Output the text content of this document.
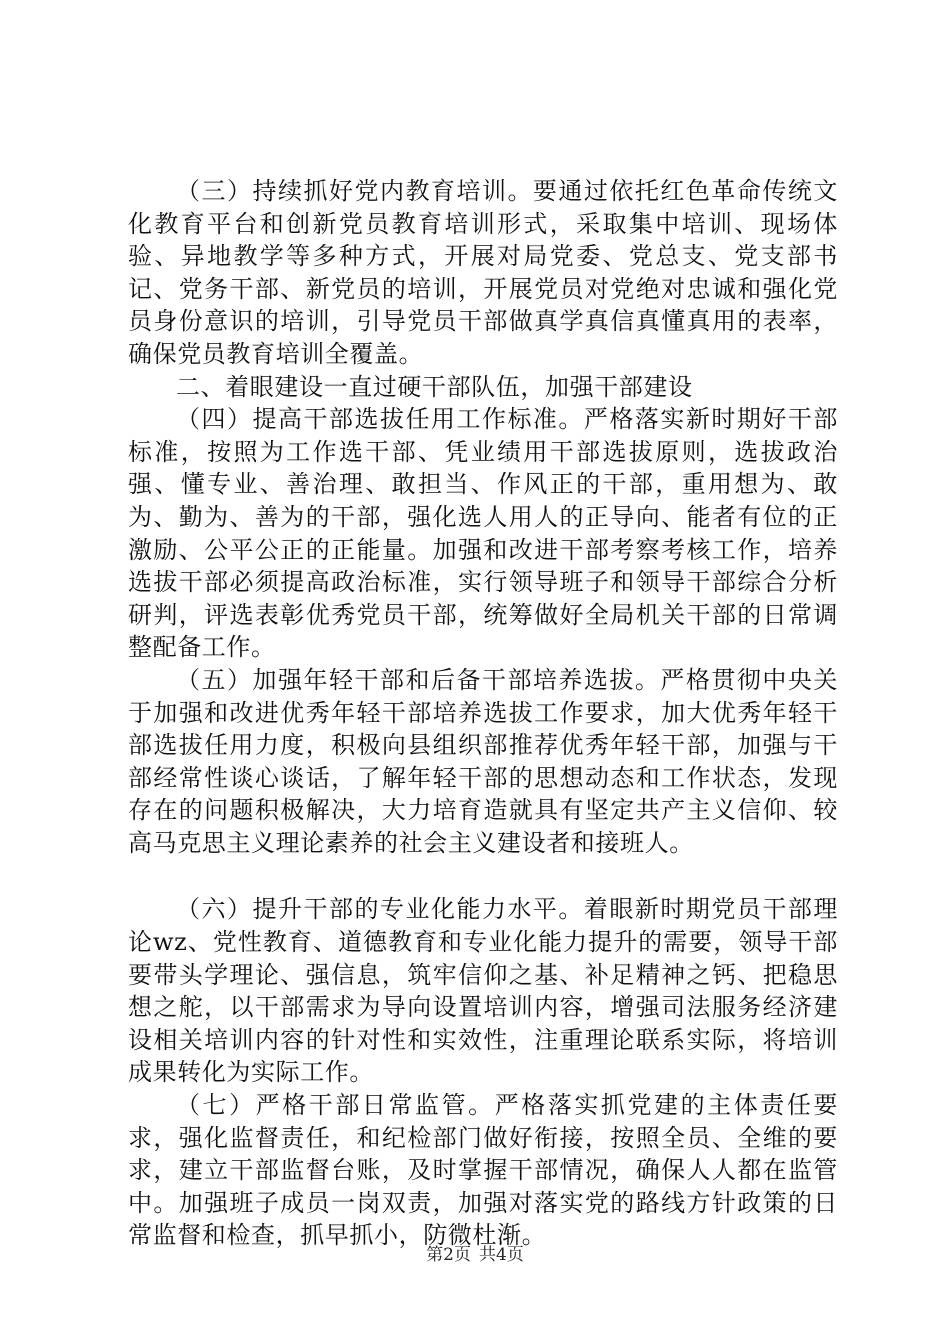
（三）持续抓好党内教育培训。要通过依托红色革命传统文化教育平台和创新党员教育培训形式，采取集中培训、现场体验、异地教学等多种方式，开展对局党委、党总支、党支部书记、党务干部、新党员的培训，开展党员对党绝对忠诚和强化党员身份意识的培训，引导党员干部做真学真信真懂真用的表率，确保党员教育培训全覆盖。

二、着眼建设一直过硬干部队伍，加强干部建设

（四）提高干部选拔任用工作标准。严格落实新时期好干部标准，按照为工作选干部、凭业绩用干部选拔原则，选拔政治强、懂专业、善治理、敢担当、作风正的干部，重用想为、敢为、勤为、善为的干部，强化选人用人的正导向、能者有位的正激励、公平公正的正能量。加强和改进干部考察考核工作，培养选拔干部必须提高政治标准，实行领导班子和领导干部综合分析研判，评选表彰优秀党员干部，统筹做好全局机关干部的日常调整配备工作。

（五）加强年轻干部和后备干部培养选拔。严格贯彻中央关于加强和改进优秀年轻干部培养选拔工作要求，加大优秀年轻干部选拔任用力度，积极向县组织部推荐优秀年轻干部，加强与干部经常性谈心谈话，了解年轻干部的思想动态和工作状态，发现存在的问题积极解决，大力培育造就具有坚定共产主义信仰、较高马克思主义理论素养的社会主义建设者和接班人。

（六）提升干部的专业化能力水平。着眼新时期党员干部理论wz、党性教育、道德教育和专业化能力提升的需要，领导干部要带头学理论、强信息，筑牢信仰之基、补足精神之钙、把稳思想之舵，以干部需求为导向设置培训内容，增强司法服务经济建设相关培训内容的针对性和实效性，注重理论联系实际，将培训成果转化为实际工作。

（七）严格干部日常监管。严格落实抓党建的主体责任要求，强化监督责任，和纪检部门做好衔接，按照全员、全维的要求，建立干部监督台账，及时掌握干部情况，确保人人都在监管中。加强班子成员一岗双责，加强对落实党的路线方针政策的日常监督和检查，抓早抓小，防微杜渐。

第2页 共4页
